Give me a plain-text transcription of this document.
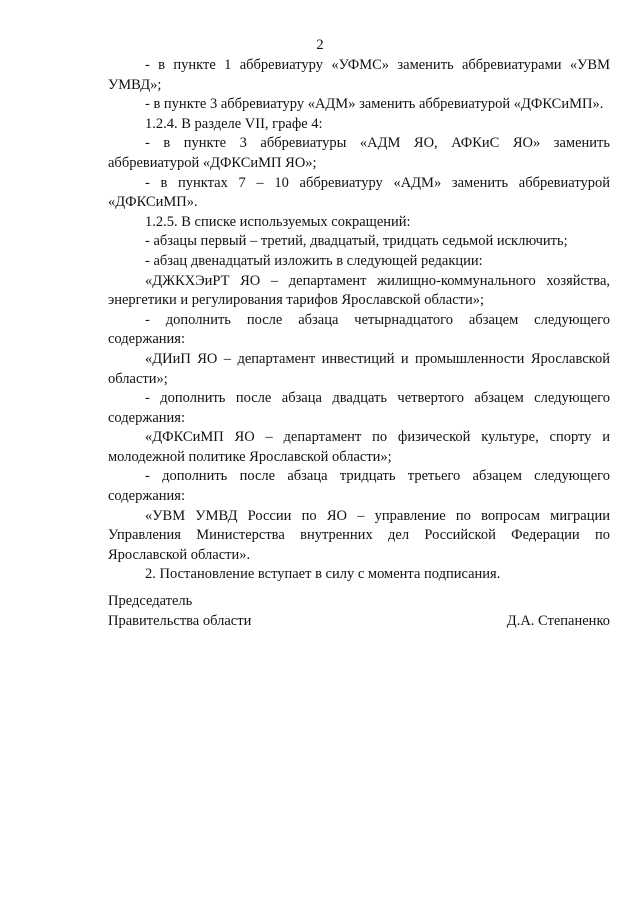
2

- в пункте 1 аббревиатуру «УФМС» заменить аббревиатурами «УВМ УМВД»;

- в пункте 3 аббревиатуру «АДМ» заменить аббревиатурой «ДФКСиМП».

1.2.4. В разделе VII, графе 4:

- в пункте 3 аббревиатуры «АДМ ЯО, АФКиС ЯО» заменить аббревиатурой «ДФКСиМП ЯО»;

- в пунктах 7 – 10 аббревиатуру «АДМ» заменить аббревиатурой «ДФКСиМП».

1.2.5. В списке используемых сокращений:

- абзацы первый – третий, двадцатый, тридцать седьмой исключить;

- абзац двенадцатый изложить в следующей редакции:

«ДЖКХЭиРТ ЯО – департамент жилищно-коммунального хозяйства, энергетики и регулирования тарифов Ярославской области»;

- дополнить после абзаца четырнадцатого абзацем следующего содержания:

«ДИиП ЯО – департамент инвестиций и промышленности Ярославской области»;

- дополнить после абзаца двадцать четвертого абзацем следующего содержания:

«ДФКСиМП ЯО – департамент по физической культуре, спорту и молодежной политике Ярославской области»;

- дополнить после абзаца тридцать третьего абзацем следующего содержания:

«УВМ УМВД России по ЯО – управление по вопросам миграции Управления Министерства внутренних дел Российской Федерации по Ярославской области».

2. Постановление вступает в силу с момента подписания.

Председатель
Правительства области	Д.А. Степаненко
